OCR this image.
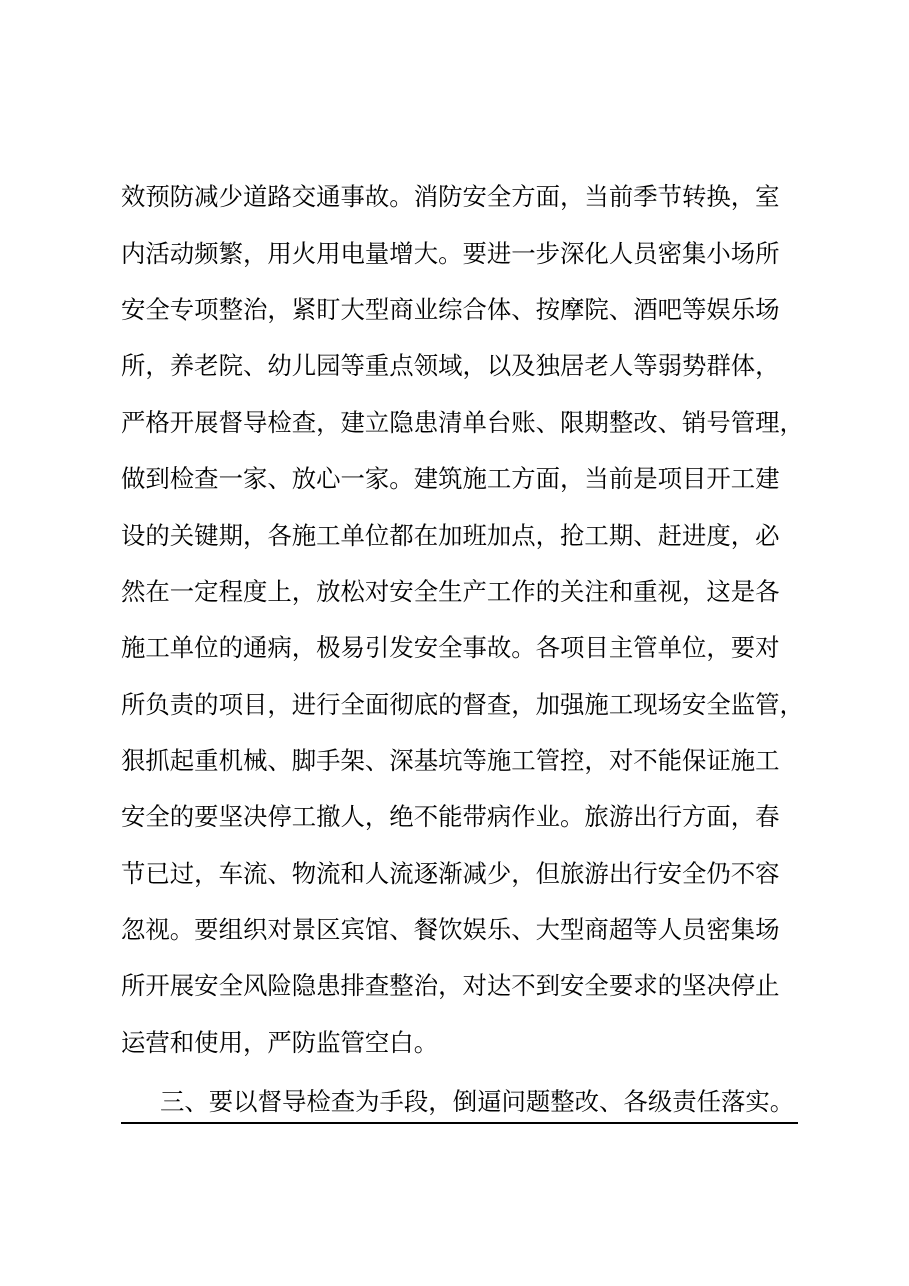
效预防减少道路交通事故。消防安全方面，当前季节转换，室
内活动频繁，用火用电量增大。要进一步深化人员密集小场所
安全专项整治，紧盯大型商业综合体、按摩院、酒吧等娱乐场
所，养老院、幼儿园等重点领域，以及独居老人等弱势群体，
严格开展督导检查，建立隐患清单台账、限期整改、销号管理，
做到检查一家、放心一家。建筑施工方面，当前是项目开工建
设的关键期，各施工单位都在加班加点，抢工期、赶进度，必
然在一定程度上，放松对安全生产工作的关注和重视，这是各
施工单位的通病，极易引发安全事故。各项目主管单位，要对
所负责的项目，进行全面彻底的督查，加强施工现场安全监管，
狠抓起重机械、脚手架、深基坑等施工管控，对不能保证施工
安全的要坚决停工撤人，绝不能带病作业。旅游出行方面，春
节已过，车流、物流和人流逐渐减少，但旅游出行安全仍不容
忽视。要组织对景区宾馆、餐饮娱乐、大型商超等人员密集场
所开展安全风险隐患排查整治，对达不到安全要求的坚决停止
运营和使用，严防监管空白。
三、要以督导检查为手段，倒逼问题整改、各级责任落实。
